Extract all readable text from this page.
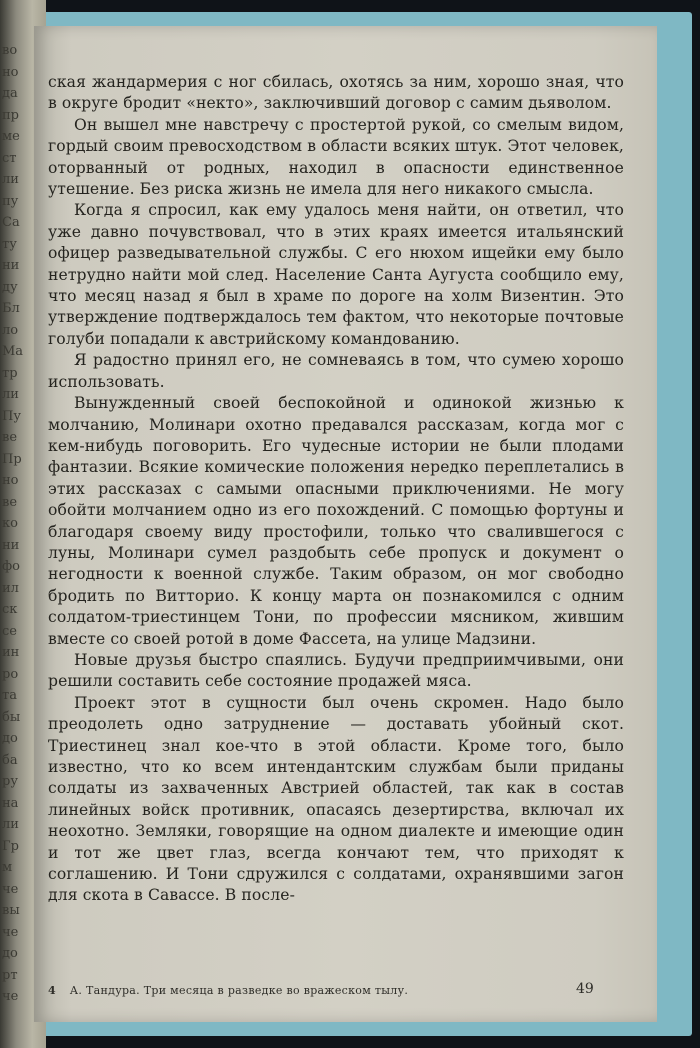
во
но
да
пр
ме
ст
ли
пу
Са
ту
ни
ду
Бл
ло
Ма
тр
ли
Пу
ве
Пр
но
ве
ко
ни
фо
ил
ск
се
ин
ро
та
бы
до
ба
ру
на
ли
Гр
м
че
вы
че
до
рт
че

ская жандармерия с ног сбилась, охотясь за ним, хорошо зная, что в округе бродит «некто», заключивший договор с самим дьяволом.

Он вышел мне навстречу с простертой рукой, со смелым видом, гордый своим превосходством в области всяких штук. Этот человек, оторванный от родных, находил в опасности единственное утешение. Без риска жизнь не имела для него никакого смысла.

Когда я спросил, как ему удалось меня найти, он ответил, что уже давно почувствовал, что в этих краях имеется итальянский офицер разведывательной службы. С его нюхом ищейки ему было нетрудно найти мой след. Население Санта Аугуста сообщило ему, что месяц назад я был в храме по дороге на холм Визентин. Это утверждение подтверждалось тем фактом, что некоторые почтовые голуби попадали к австрийскому командованию.

Я радостно принял его, не сомневаясь в том, что сумею хорошо использовать.

Вынужденный своей беспокойной и одинокой жизнью к молчанию, Молинари охотно предавался рассказам, когда мог с кем-нибудь поговорить. Его чудесные истории не были плодами фантазии. Всякие комические положения нередко переплетались в этих рассказах с самыми опасными приключениями. Не могу обойти молчанием одно из его похождений. С помощью фортуны и благодаря своему виду простофили, только что свалившегося с луны, Молинари сумел раздобыть себе пропуск и документ о негодности к военной службе. Таким образом, он мог свободно бродить по Витторио. К концу марта он познакомился с одним солдатом-триестинцем Тони, по профессии мясником, жившим вместе со своей ротой в доме Фассета, на улице Мадзини.

Новые друзья быстро спаялись. Будучи предприимчивыми, они решили составить себе состояние продажей мяса.

Проект этот в сущности был очень скромен. Надо было преодолеть одно затруднение — доставать убойный скот. Триестинец знал кое-что в этой области. Кроме того, было известно, что ко всем интендантским службам были приданы солдаты из захваченных Австрией областей, так как в состав линейных войск противник, опасаясь дезертирства, включал их неохотно. Земляки, говорящие на одном диалекте и имеющие один и тот же цвет глаз, всегда кончают тем, что приходят к соглашению. И Тони сдружился с солдатами, охранявшими загон для скота в Савассе. В после-

4 А. Тандура. Три месяца в разведке во вражеском тылу.	49
